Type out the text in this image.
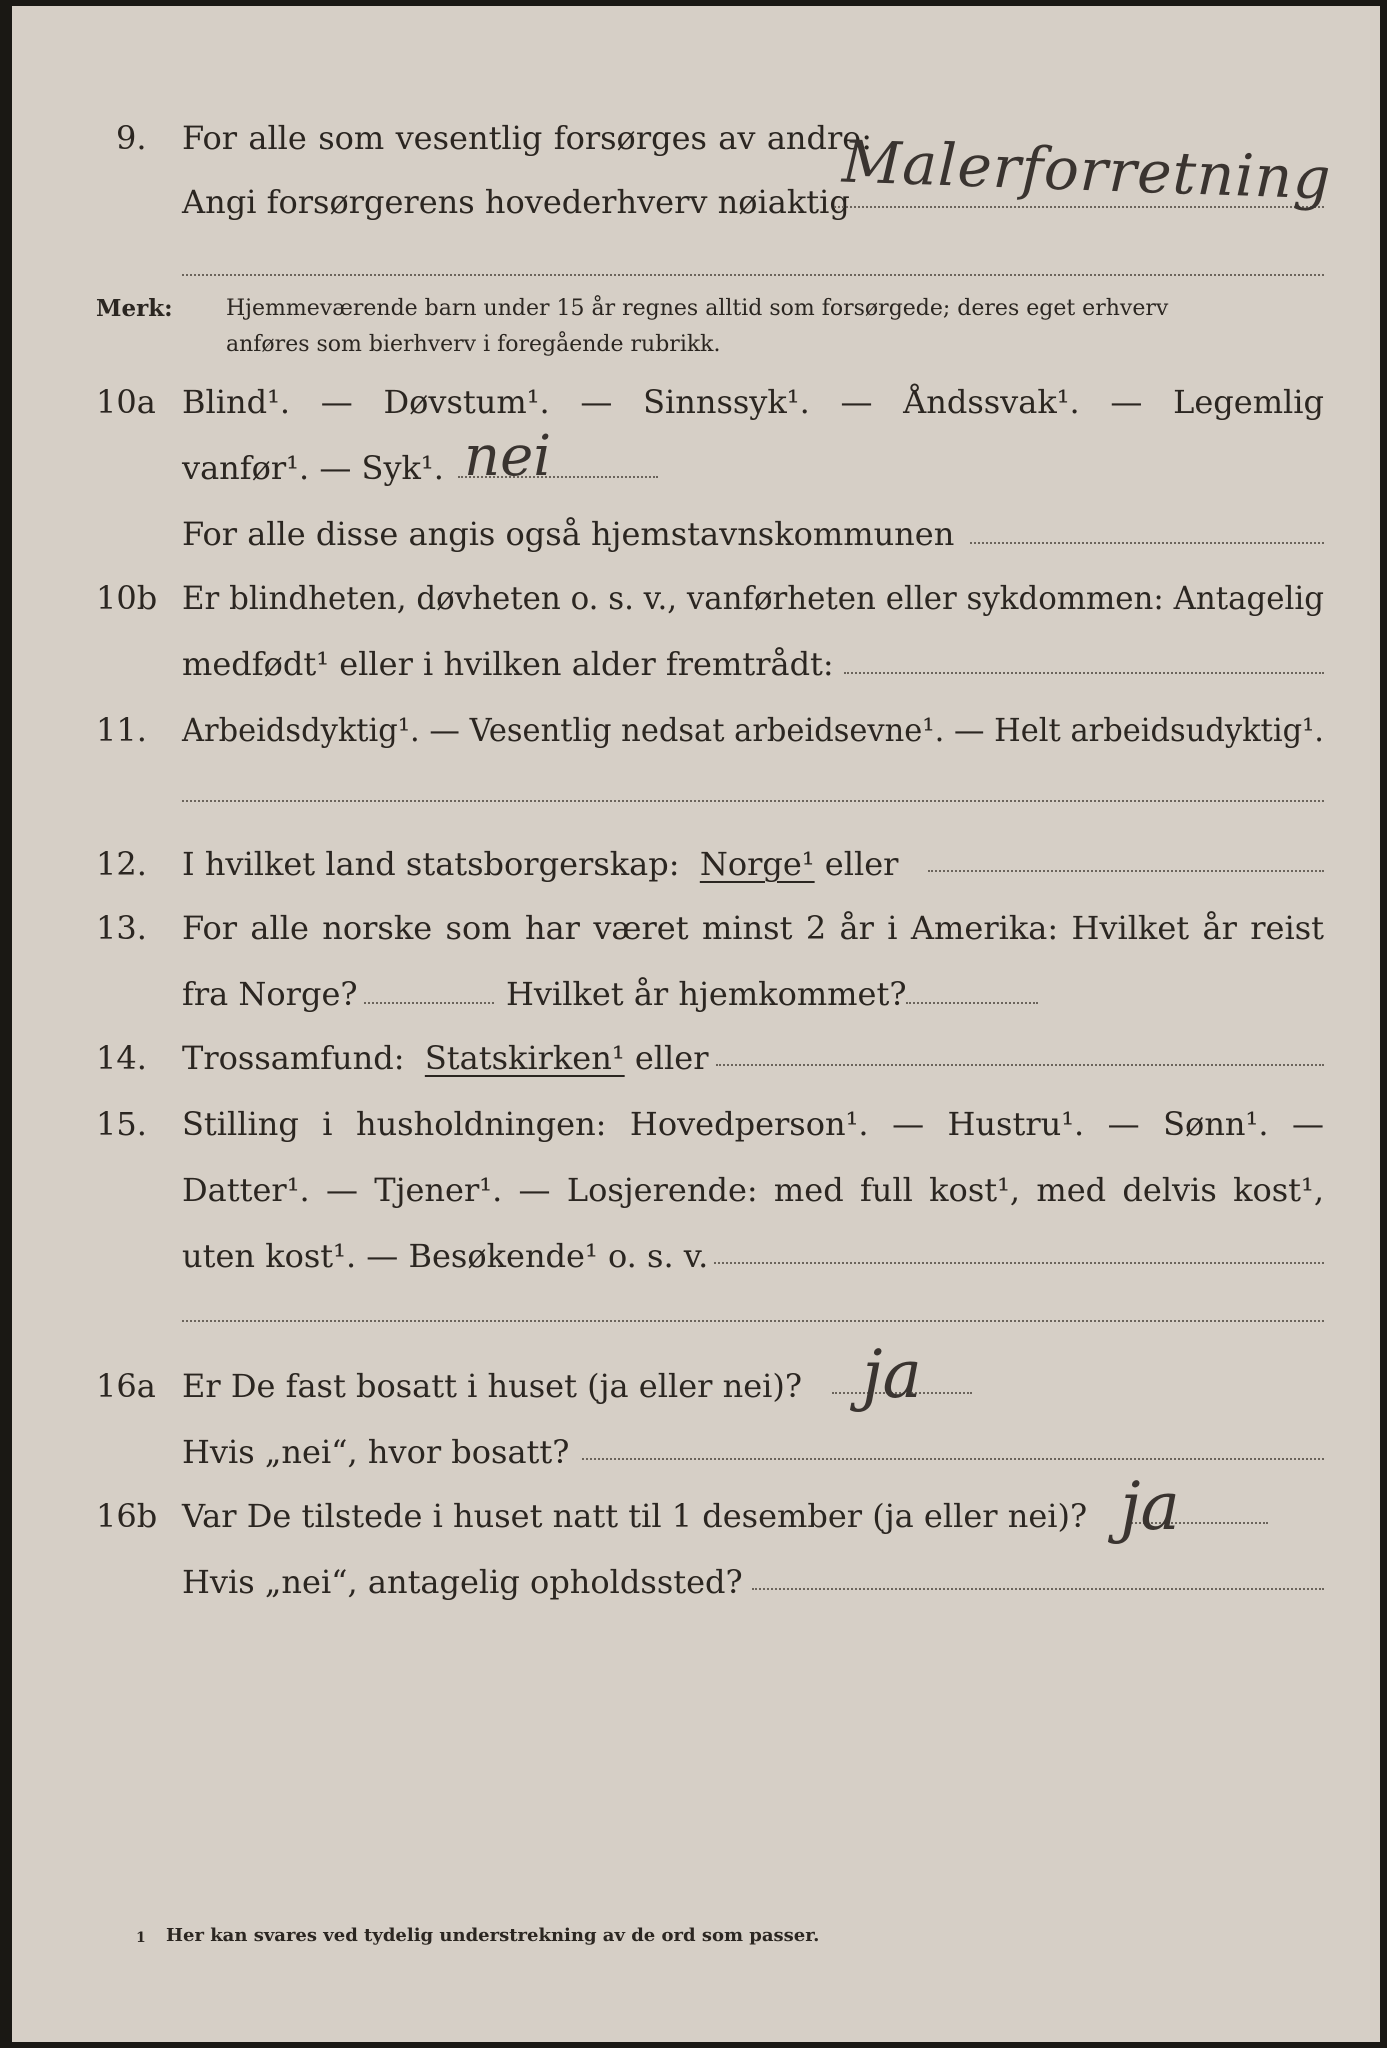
9. For alle som vesentlig forsørges av andre:
Angi forsørgerens hovederhverv nøiaktig
Malerforretning
Merk: Hjemmeværende barn under 15 år regnes alltid som forsørgede; deres eget erhverv
anføres som bierhverv i foregående rubrikk.
10a Blind¹. — Døvstum¹. — Sinnssyk¹. — Åndssvak¹. — Legemlig
vanfør¹. — Syk¹. nei
For alle disse angis også hjemstavnskommunen
10b Er blindheten, døvheten o. s. v., vanførheten eller sykdommen: Antagelig
medfødt¹ eller i hvilken alder fremtrådt:
11. Arbeidsdyktig¹. — Vesentlig nedsat arbeidsevne¹. — Helt arbeidsudyktig¹.
12. I hvilket land statsborgerskap: Norge¹ eller
13. For alle norske som har været minst 2 år i Amerika: Hvilket år reist
fra Norge?	Hvilket år hjemkommet?
14. Trossamfund: Statskirken¹ eller
15. Stilling i husholdningen: Hovedperson¹. — Hustru¹. — Sønn¹. —
Datter¹. — Tjener¹. — Losjerende: med full kost¹, med delvis kost¹,
uten kost¹. — Besøkende¹ o. s. v.
16a Er De fast bosatt i huset (ja eller nei)? ja
Hvis „nei“, hvor bosatt?
16b Var De tilstede i huset natt til 1 desember (ja eller nei)? ja
Hvis „nei“, antagelig opholdssted?
1 Her kan svares ved tydelig understrekning av de ord som passer.
